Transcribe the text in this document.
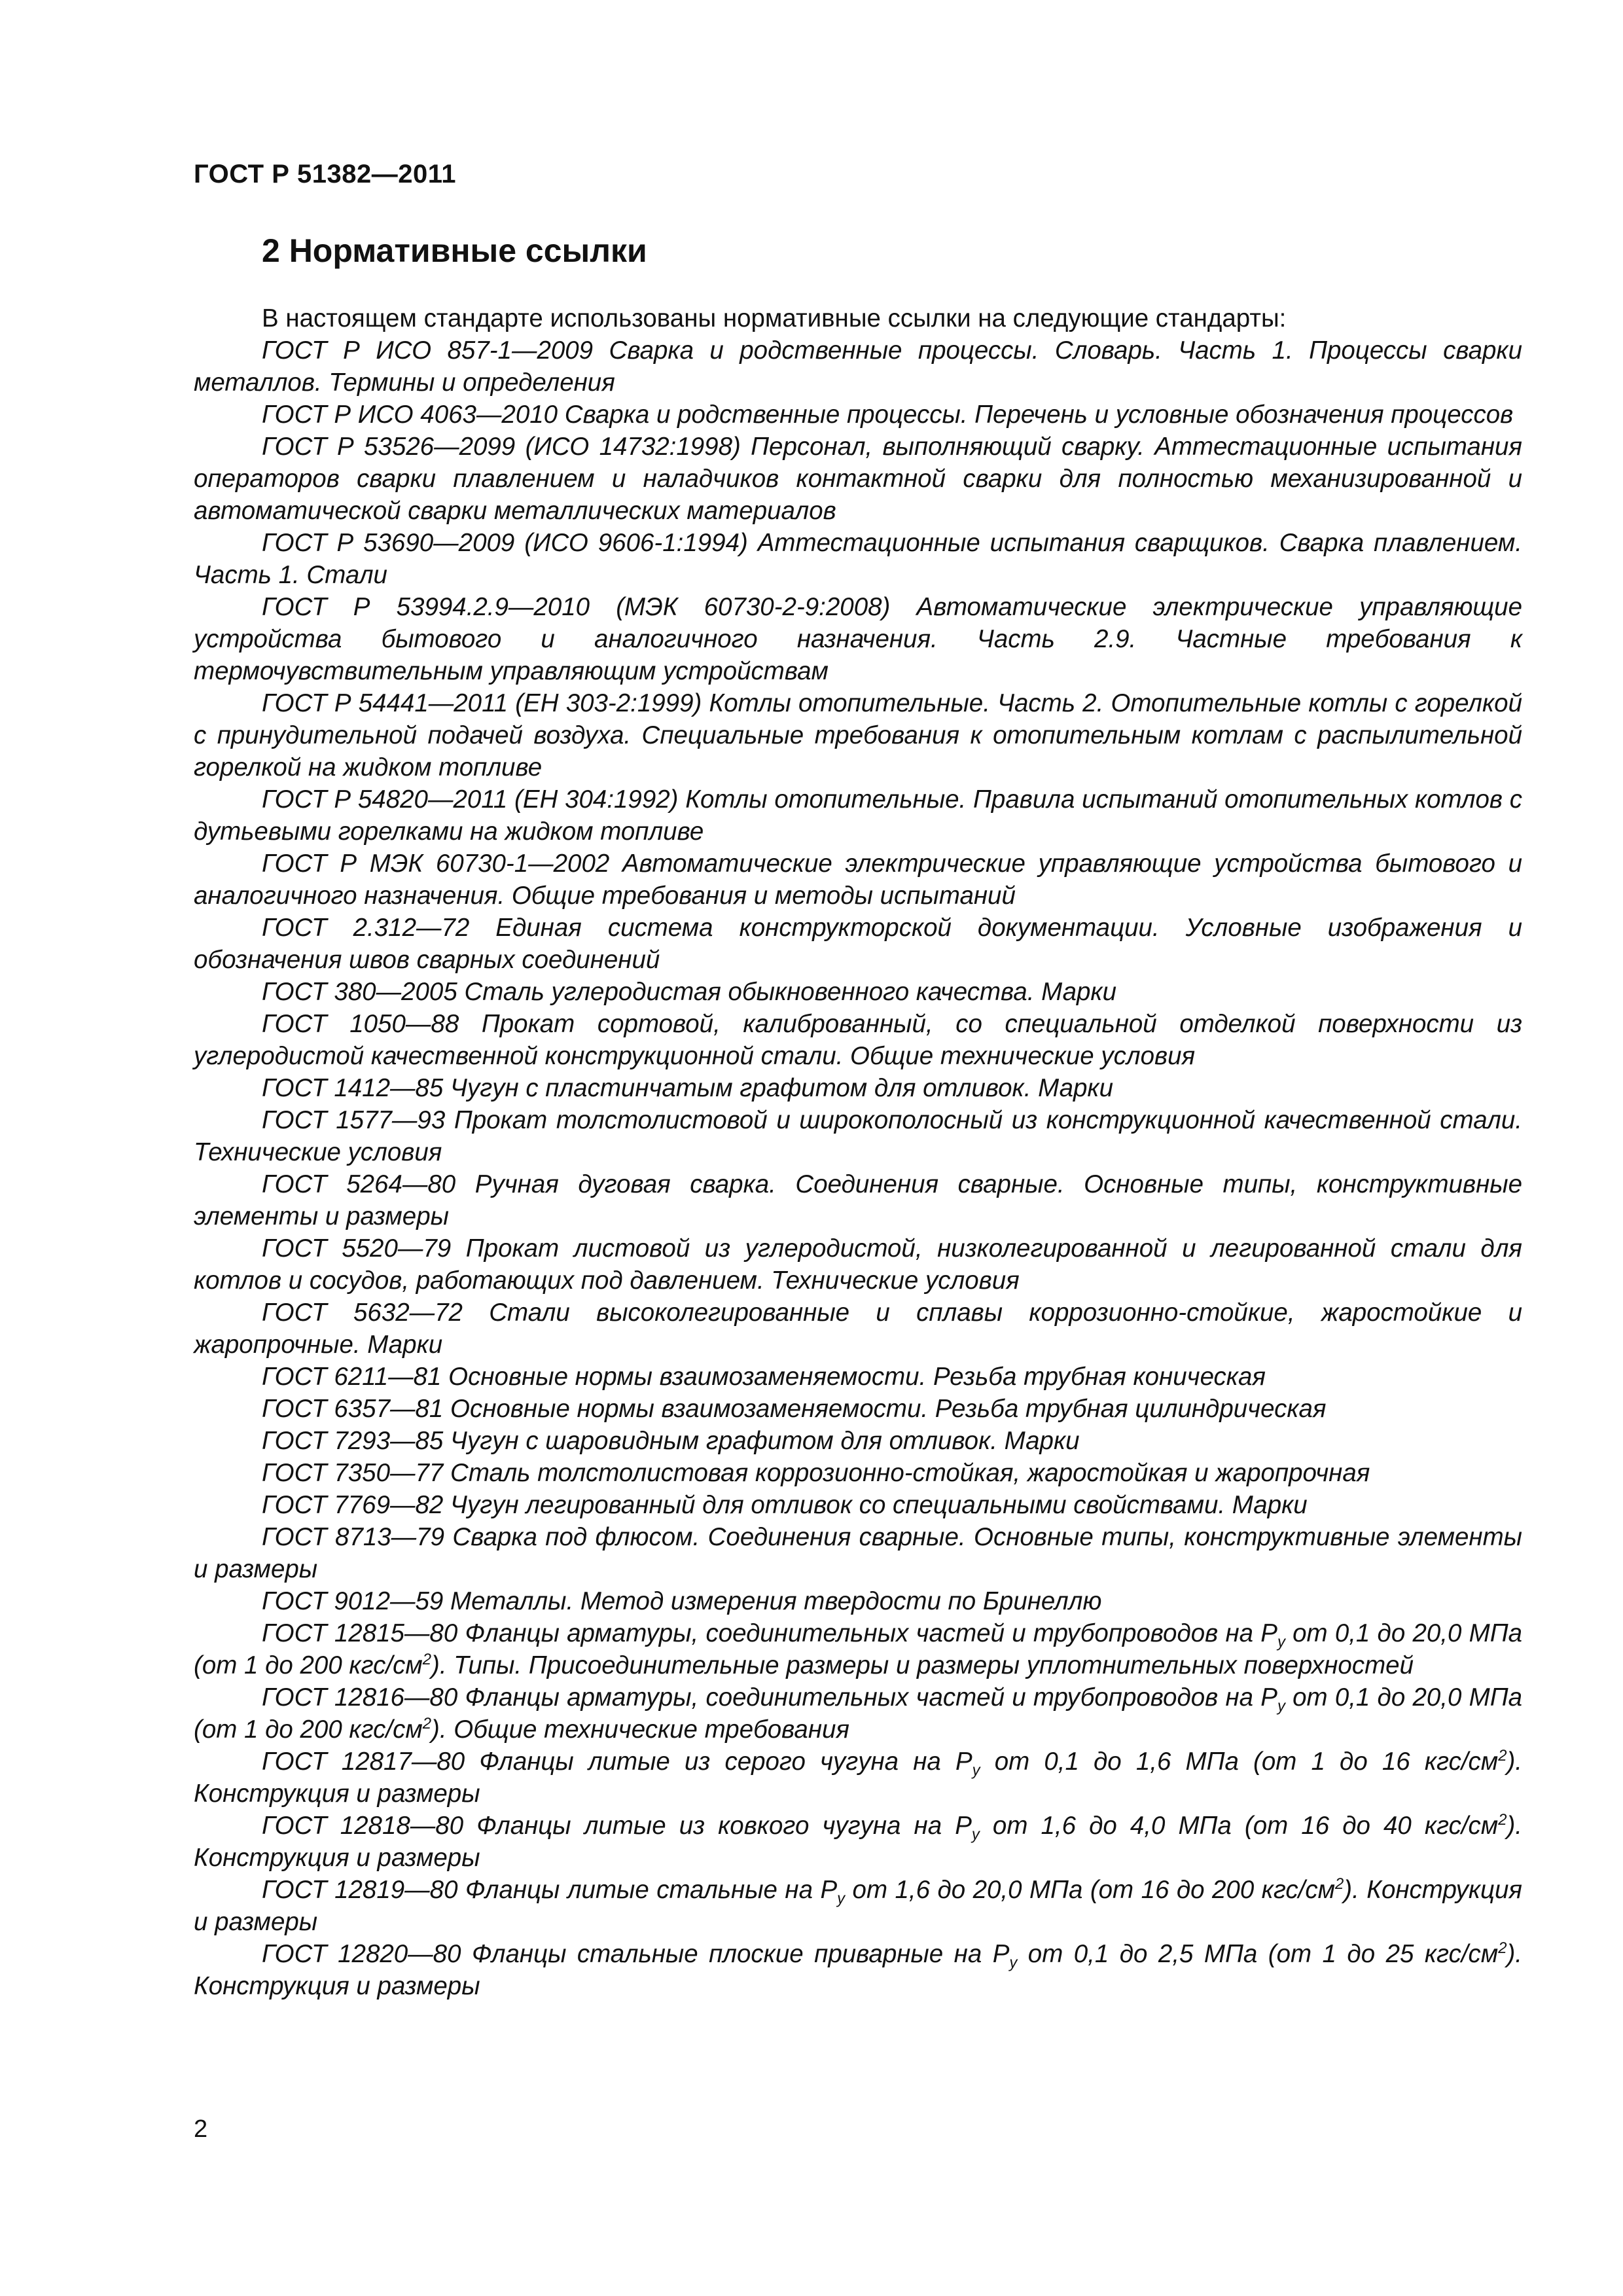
ГОСТ Р 51382—2011

2 Нормативные ссылки

В настоящем стандарте использованы нормативные ссылки на следующие стандарты:

ГОСТ Р ИСО 857-1—2009 Сварка и родственные процессы. Словарь. Часть 1. Процессы сварки металлов. Термины и определения

ГОСТ Р ИСО 4063—2010 Сварка и родственные процессы. Перечень и условные обозначения процессов

ГОСТ Р 53526—2099 (ИСО 14732:1998) Персонал, выполняющий сварку. Аттестационные испытания операторов сварки плавлением и наладчиков контактной сварки для полностью механизированной и автоматической сварки металлических материалов

ГОСТ Р 53690—2009 (ИСО 9606-1:1994) Аттестационные испытания сварщиков. Сварка плавлением. Часть 1. Стали

ГОСТ Р 53994.2.9—2010 (МЭК 60730-2-9:2008) Автоматические электрические управляющие устройства бытового и аналогичного назначения. Часть 2.9. Частные требования к термочувствительным управляющим устройствам

ГОСТ Р 54441—2011 (ЕН 303-2:1999) Котлы отопительные. Часть 2. Отопительные котлы с горелкой с принудительной подачей воздуха. Специальные требования к отопительным котлам с распылительной горелкой на жидком топливе

ГОСТ Р 54820—2011 (ЕН 304:1992) Котлы отопительные. Правила испытаний отопительных котлов с дутьевыми горелками на жидком топливе

ГОСТ Р МЭК 60730-1—2002 Автоматические электрические управляющие устройства бытового и аналогичного назначения. Общие требования и методы испытаний

ГОСТ 2.312—72 Единая система конструкторской документации. Условные изображения и обозначения швов сварных соединений

ГОСТ 380—2005 Сталь углеродистая обыкновенного качества. Марки

ГОСТ 1050—88 Прокат сортовой, калиброванный, со специальной отделкой поверхности из углеродистой качественной конструкционной стали. Общие технические условия

ГОСТ 1412—85 Чугун с пластинчатым графитом для отливок. Марки

ГОСТ 1577—93 Прокат толстолистовой и широкополосный из конструкционной качественной стали. Технические условия

ГОСТ 5264—80 Ручная дуговая сварка. Соединения сварные. Основные типы, конструктивные элементы и размеры

ГОСТ 5520—79 Прокат листовой из углеродистой, низколегированной и легированной стали для котлов и сосудов, работающих под давлением. Технические условия

ГОСТ 5632—72 Стали высоколегированные и сплавы коррозионно-стойкие, жаростойкие и жаропрочные. Марки

ГОСТ 6211—81 Основные нормы взаимозаменяемости. Резьба трубная коническая

ГОСТ 6357—81 Основные нормы взаимозаменяемости. Резьба трубная цилиндрическая

ГОСТ 7293—85 Чугун с шаровидным графитом для отливок. Марки

ГОСТ 7350—77 Сталь толстолистовая коррозионно-стойкая, жаростойкая и жаропрочная

ГОСТ 7769—82 Чугун легированный для отливок со специальными свойствами. Марки

ГОСТ 8713—79 Сварка под флюсом. Соединения сварные. Основные типы, конструктивные элементы и размеры

ГОСТ 9012—59 Металлы. Метод измерения твердости по Бринеллю

ГОСТ 12815—80 Фланцы арматуры, соединительных частей и трубопроводов на $P_y$ от 0,1 до 20,0 МПа (от 1 до 200 кгс/$см^2$). Типы. Присоединительные размеры и размеры уплотнительных поверхностей

ГОСТ 12816—80 Фланцы арматуры, соединительных частей и трубопроводов на $P_y$ от 0,1 до 20,0 МПа (от 1 до 200 кгс/$см^2$). Общие технические требования

ГОСТ 12817—80 Фланцы литые из серого чугуна на $P_y$ от 0,1 до 1,6 МПа (от 1 до 16 кгс/$см^2$). Конструкция и размеры

ГОСТ 12818—80 Фланцы литые из ковкого чугуна на $P_y$ от 1,6 до 4,0 МПа (от 16 до 40 кгс/$см^2$). Конструкция и размеры

ГОСТ 12819—80 Фланцы литые стальные на $P_y$ от 1,6 до 20,0 МПа (от 16 до 200 кгс/$см^2$). Конструкция и размеры

ГОСТ 12820—80 Фланцы стальные плоские приварные на $P_y$ от 0,1 до 2,5 МПа (от 1 до 25 кгс/$см^2$). Конструкция и размеры

2
